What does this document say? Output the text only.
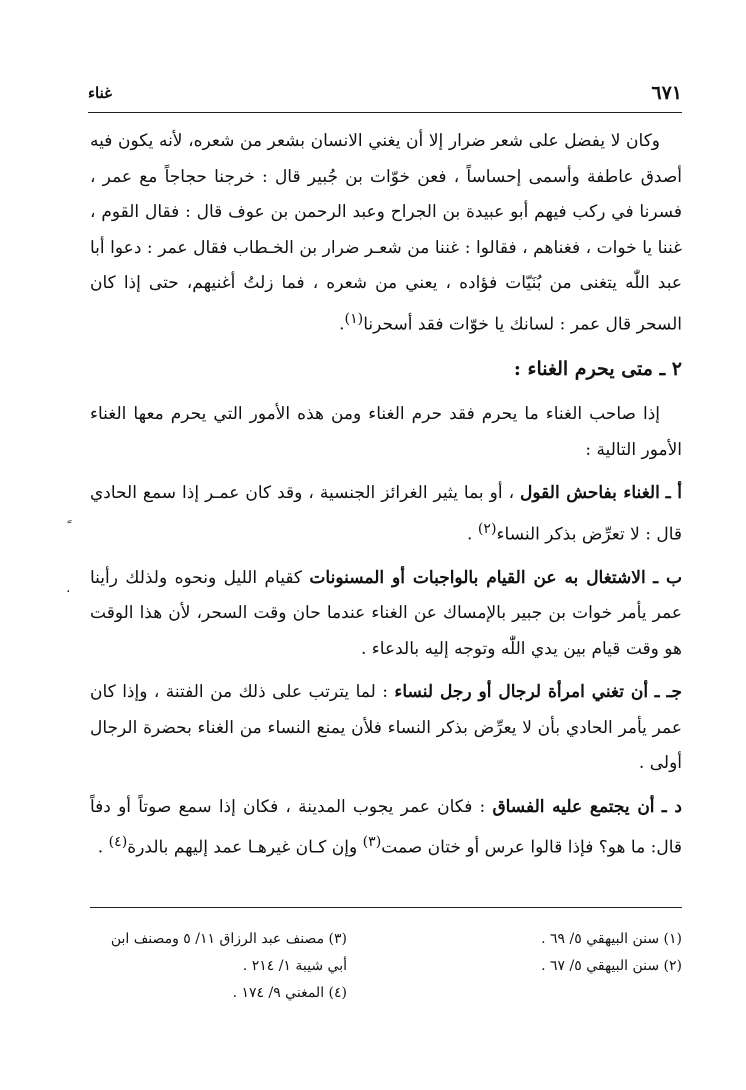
٦٧١
غناء

وكان لا يفضل على شعر ضرار إلا أن يغني الانسان بشعر من شعره، لأنه يكون فيه أصدق عاطفة وأسمى إحساساً ، فعن خوّات بن جُبير قال : خرجنا حجاجاً مع عمر ، فسرنا في ركب فيهم أبو عبيدة بن الجراح وعبد الرحمن بن عوف قال : فقال القوم ، غننا يا خوات ، فغناهم ، فقالوا : غننا من شعـر ضرار بن الخـطاب فقال عمر : دعوا أبا عبد اللّٰه يتغنى من بُنَيّات فؤاده ، يعني من شعره ، فما زلتُ أغنيهم، حتى إذا كان السحر قال عمر : لسانك يا خوّات فقد أسحرنا$^{(١)}$.

٢ ـ متى يحرم الغناء :

إذا صاحب الغناء ما يحرم فقد حرم الغناء ومن هذه الأمور التي يحرم معها الغناء الأمور التالية :

أ ـ الغناء بفاحش القول ، أو بما يثير الغرائز الجنسية ، وقد كان عمـر إذا سمع الحادي قال : لا تعرِّض بذكر النساء$^{(٢)}$ .

ب ـ الاشتغال به عن القيام بالواجبات أو المسنونات كقيام الليل ونحوه ولذلك رأينا عمر يأمر خوات بن جبير بالإمساك عن الغناء عندما حان وقت السحر، لأن هذا الوقت هو وقت قيام بين يدي اللّٰه وتوجه إليه بالدعاء .

جـ ـ أن تغني امرأة لرجال أو رجل لنساء : لما يترتب على ذلك من الفتنة ، وإذا كان عمر يأمر الحادي بأن لا يعرِّض بذكر النساء فلأن يمنع النساء من الغناء بحضرة الرجال أولى .

د ـ أن يجتمع عليه الفساق : فكان عمر يجوب المدينة ، فكان إذا سمع صوتاً أو دفاً قال: ما هو؟ فإذا قالوا عرس أو ختان صمت$^{(٣)}$ وإن كـان غيرهـا عمد إليهم بالدرة$^{(٤)}$ .

.
(١) سنن البيهقي ٥/ ٦٩ .
(٢) سنن البيهقي ٥/ ٦٧ .
(٣) مصنف عبد الرزاق ١١/ ٥ ومصنف ابن أبي شيبة ١/ ٢١٤ .
(٤) المغني ٩/ ١٧٤ .
